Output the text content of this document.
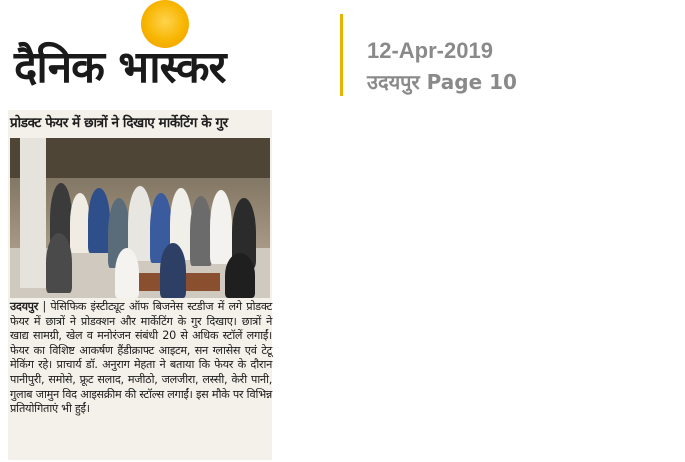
दैनिक भास्कर	12-Apr-2019
उदयपुर Page 10
प्रोडक्ट फेयर में छात्रों ने दिखाए मार्केटिंग के गुर
उदयपुर | पेसिफिक इंस्टीट्यूट ऑफ बिजनेस स्टडीज में लगे प्रोडक्ट फेयर में छात्रों ने प्रोडक्शन और मार्केटिंग के गुर दिखाए। छात्रों ने खाद्य सामग्री, खेल व मनोरंजन संबंधी 20 से अधिक स्टॉलें लगाईं। फेयर का विशिष्ट आकर्षण हैंडीक्राफ्ट आइटम, सन ग्लासेस एवं टेटू मेकिंग रहे। प्राचार्य डॉ. अनुराग मेहता ने बताया कि फेयर के दौरान पानीपुरी, समोसे, फ्रूट सलाद, मजीठो, जलजीरा, लस्सी, केरी पानी, गुलाब जामुन विद आइसक्रीम की स्टॉल्स लगाईं। इस मौके पर विभिन्न प्रतियोगिताएं भी हुईं।
